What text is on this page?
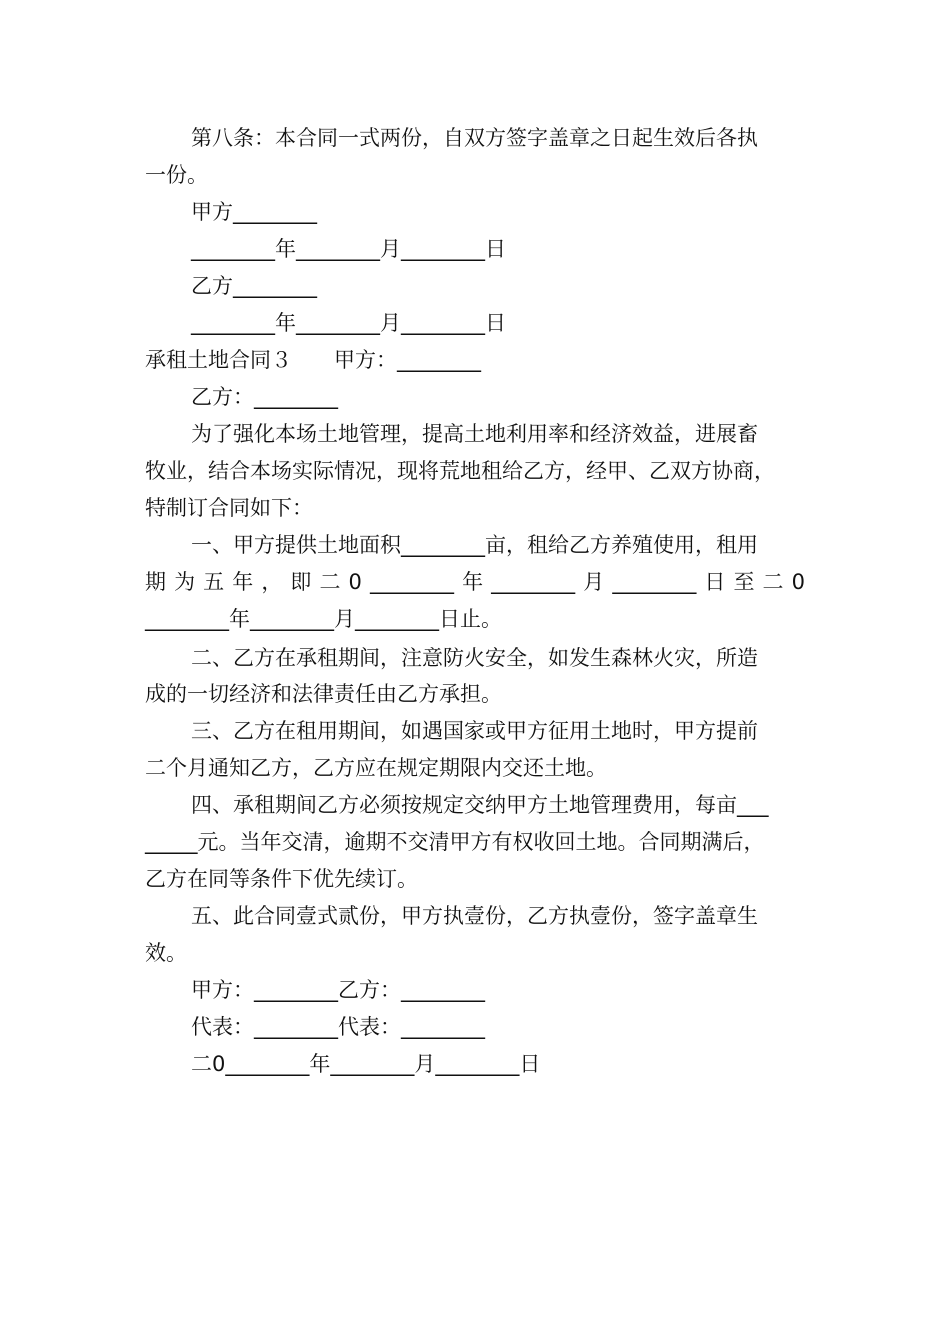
第八条：本合同一式两份，自双方签字盖章之日起生效后各执
一份。
甲方________
________年________月________日
乙方________
________年________月________日
承租土地合同３　　甲方：________
乙方：________
为了强化本场土地管理，提高土地利用率和经济效益，进展畜
牧业，结合本场实际情况，现将荒地租给乙方，经甲、乙双方协商，
特制订合同如下：
一、甲方提供土地面积________亩，租给乙方养殖使用，租用
期 为 五 年 ， 即 二 0 ________ 年 ________ 月 ________ 日 至 二 0
________年________月________日止。
二、乙方在承租期间，注意防火安全，如发生森林火灾，所造
成的一切经济和法律责任由乙方承担。
三、乙方在租用期间，如遇国家或甲方征用土地时，甲方提前
二个月通知乙方，乙方应在规定期限内交还土地。
四、承租期间乙方必须按规定交纳甲方土地管理费用，每亩___
_____元。当年交清，逾期不交清甲方有权收回土地。合同期满后，
乙方在同等条件下优先续订。
五、此合同壹式贰份，甲方执壹份，乙方执壹份，签字盖章生
效。
甲方：________乙方：________
代表：________代表：________
二0________年________月________日
